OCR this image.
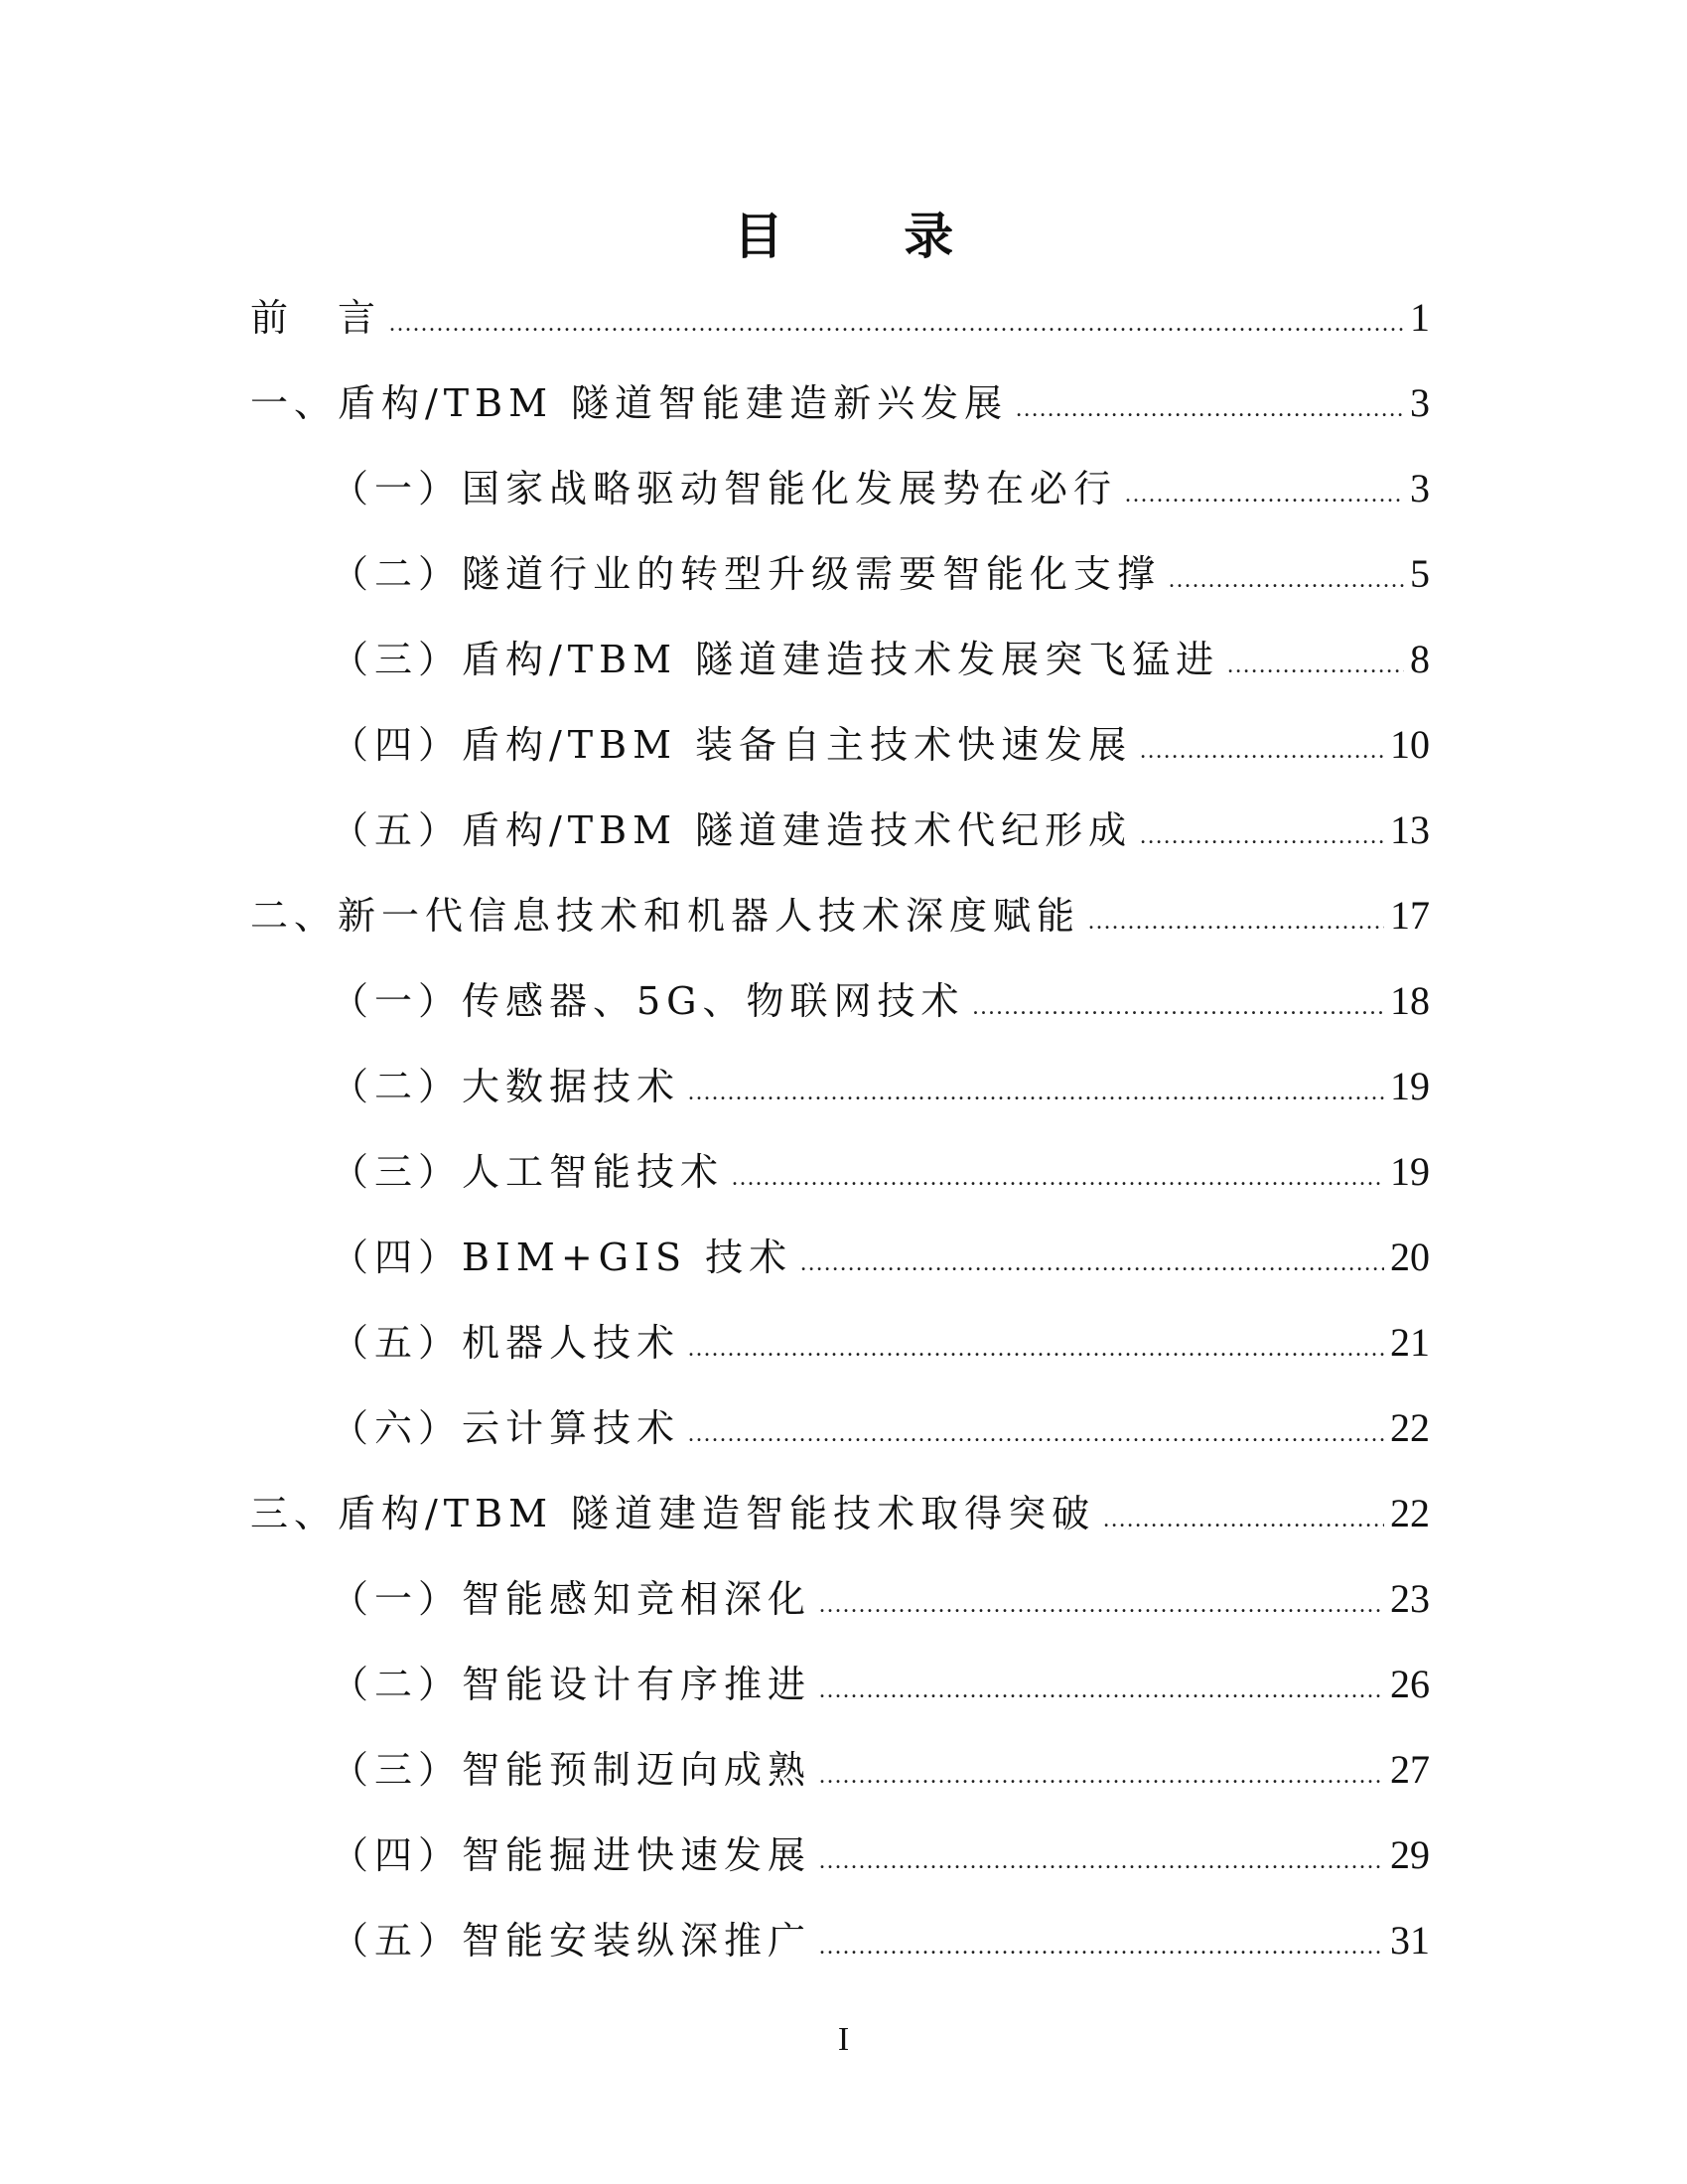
目 录
前　言 .....	1
一、盾构/TBM 隧道智能建造新兴发展 .....	3
（一）国家战略驱动智能化发展势在必行 .....	3
（二）隧道行业的转型升级需要智能化支撑 .....	5
（三）盾构/TBM 隧道建造技术发展突飞猛进 .....	8
（四）盾构/TBM 装备自主技术快速发展 .....	10
（五）盾构/TBM 隧道建造技术代纪形成 .....	13
二、新一代信息技术和机器人技术深度赋能 .....	17
（一）传感器、5G、物联网技术 .....	18
（二）大数据技术 .....	19
（三）人工智能技术 .....	19
（四）BIM+GIS 技术 .....	20
（五）机器人技术 .....	21
（六）云计算技术 .....	22
三、盾构/TBM 隧道建造智能技术取得突破 .....	22
（一）智能感知竞相深化 .....	23
（二）智能设计有序推进 .....	26
（三）智能预制迈向成熟 .....	27
（四）智能掘进快速发展 .....	29
（五）智能安装纵深推广 .....	31
I
